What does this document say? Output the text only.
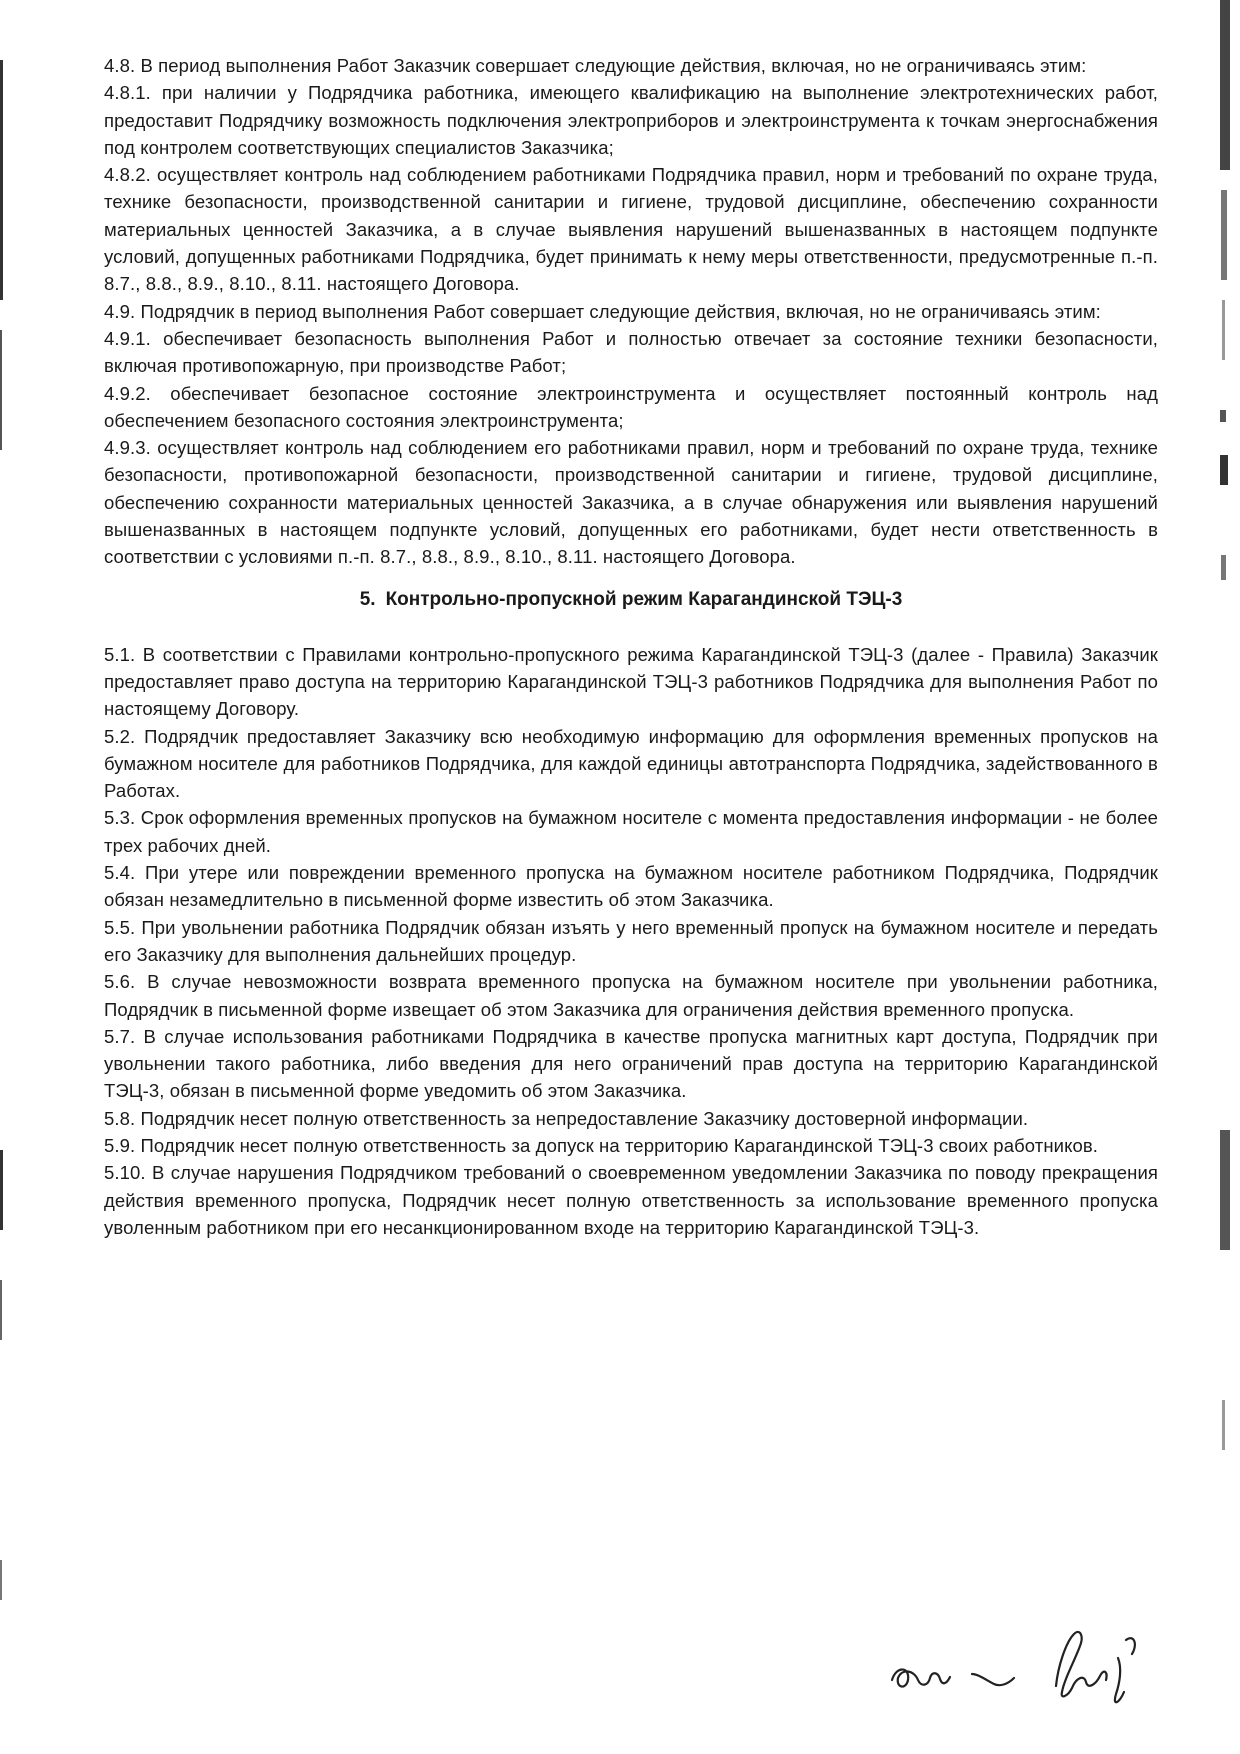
4.8. В период выполнения Работ Заказчик совершает следующие действия, включая, но не ограничиваясь этим:

4.8.1. при наличии у Подрядчика работника, имеющего квалификацию на выполнение электротехнических работ, предоставит Подрядчику возможность подключения электроприборов и электроинструмента к точкам энергоснабжения под контролем соответствующих специалистов Заказчика;

4.8.2. осуществляет контроль над соблюдением работниками Подрядчика правил, норм и требований по охране труда, технике безопасности, производственной санитарии и гигиене, трудовой дисциплине, обеспечению сохранности материальных ценностей Заказчика, а в случае выявления нарушений вышеназванных в настоящем подпункте условий, допущенных работниками Подрядчика, будет принимать к нему меры ответственности, предусмотренные п.-п. 8.7., 8.8., 8.9., 8.10., 8.11. настоящего Договора.

4.9. Подрядчик в период выполнения Работ совершает следующие действия, включая, но не ограничиваясь этим:

4.9.1. обеспечивает безопасность выполнения Работ и полностью отвечает за состояние техники безопасности, включая противопожарную, при производстве Работ;

4.9.2. обеспечивает безопасное состояние электроинструмента и осуществляет постоянный контроль над обеспечением безопасного состояния электроинструмента;

4.9.3. осуществляет контроль над соблюдением его работниками правил, норм и требований по охране труда, технике безопасности, противопожарной безопасности, производственной санитарии и гигиене, трудовой дисциплине, обеспечению сохранности материальных ценностей Заказчика, а в случае обнаружения или выявления нарушений вышеназванных в настоящем подпункте условий, допущенных его работниками, будет нести ответственность в соответствии с условиями п.-п. 8.7., 8.8., 8.9., 8.10., 8.11. настоящего Договора.

5. Контрольно-пропускной режим Карагандинской ТЭЦ-3

5.1. В соответствии с Правилами контрольно-пропускного режима Карагандинской ТЭЦ-3 (далее - Правила) Заказчик предоставляет право доступа на территорию Карагандинской ТЭЦ-3 работников Подрядчика для выполнения Работ по настоящему Договору.

5.2. Подрядчик предоставляет Заказчику всю необходимую информацию для оформления временных пропусков на бумажном носителе для работников Подрядчика, для каждой единицы автотранспорта Подрядчика, задействованного в Работах.

5.3. Срок оформления временных пропусков на бумажном носителе с момента предоставления информации - не более трех рабочих дней.

5.4. При утере или повреждении временного пропуска на бумажном носителе работником Подрядчика, Подрядчик обязан незамедлительно в письменной форме известить об этом Заказчика.

5.5. При увольнении работника Подрядчик обязан изъять у него временный пропуск на бумажном носителе и передать его Заказчику для выполнения дальнейших процедур.

5.6. В случае невозможности возврата временного пропуска на бумажном носителе при увольнении работника, Подрядчик в письменной форме извещает об этом Заказчика для ограничения действия временного пропуска.

5.7. В случае использования работниками Подрядчика в качестве пропуска магнитных карт доступа, Подрядчик при увольнении такого работника, либо введения для него ограничений прав доступа на территорию Карагандинской ТЭЦ-3, обязан в письменной форме уведомить об этом Заказчика.

5.8. Подрядчик несет полную ответственность за непредоставление Заказчику достоверной информации.

5.9. Подрядчик несет полную ответственность за допуск на территорию Карагандинской ТЭЦ-3 своих работников.

5.10. В случае нарушения Подрядчиком требований о своевременном уведомлении Заказчика по поводу прекращения действия временного пропуска, Подрядчик несет полную ответственность за использование временного пропуска уволенным работником при его несанкционированном входе на территорию Карагандинской ТЭЦ-3.
